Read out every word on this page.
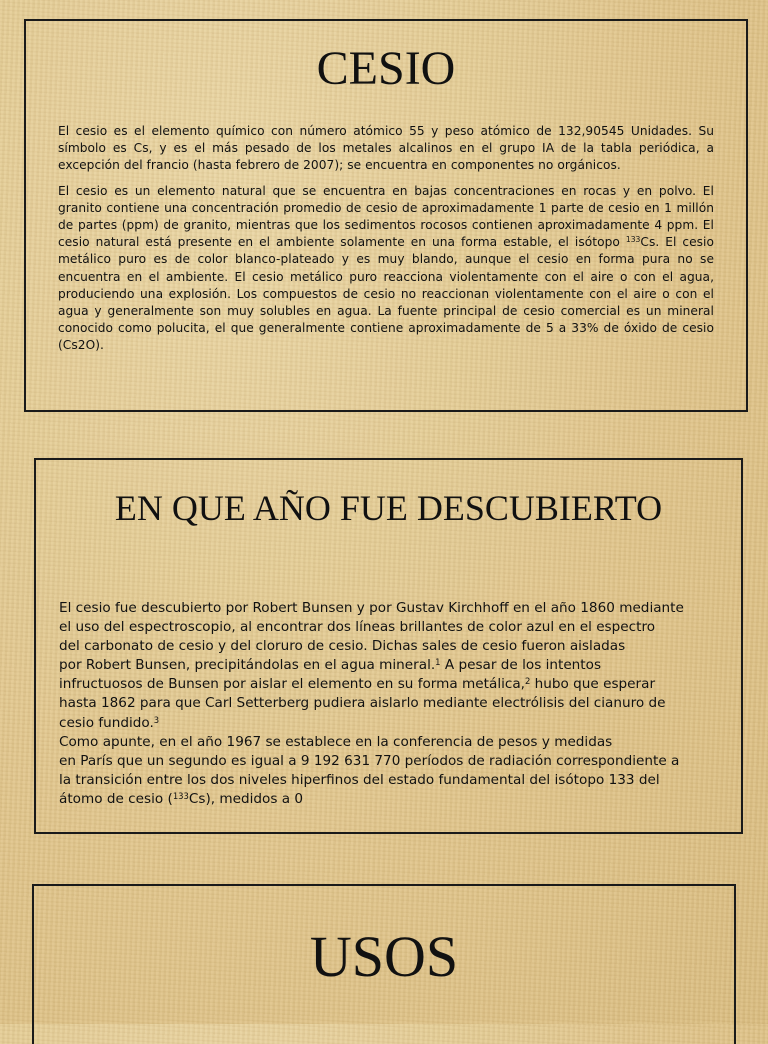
CESIO

El cesio es el elemento químico con número atómico 55 y peso atómico de 132,90545 Unidades. Su símbolo es Cs, y es el más pesado de los metales alcalinos en el grupo IA de la tabla periódica, a excepción del francio (hasta febrero de 2007); se encuentra en componentes no orgánicos.

El cesio es un elemento natural que se encuentra en bajas concentraciones en rocas y en polvo. El granito contiene una concentración promedio de cesio de aproximadamente 1 parte de cesio en 1 millón de partes (ppm) de granito, mientras que los sedimentos rocosos contienen aproximadamente 4 ppm. El cesio natural está presente en el ambiente solamente en una forma estable, el isótopo $^{133}$Cs. El cesio metálico puro es de color blanco-plateado y es muy blando, aunque el cesio en forma pura no se encuentra en el ambiente. El cesio metálico puro reacciona violentamente con el aire o con el agua, produciendo una explosión. Los compuestos de cesio no reaccionan violentamente con el aire o con el agua y generalmente son muy solubles en agua. La fuente principal de cesio comercial es un mineral conocido como polucita, el que generalmente contiene aproximadamente de 5 a 33% de óxido de cesio (Cs2O).

EN QUE AÑO FUE DESCUBIERTO

El cesio fue descubierto por Robert Bunsen y por Gustav Kirchhoff en el año 1860 mediante
el uso del espectroscopio, al encontrar dos líneas brillantes de color azul en el espectro
del carbonato de cesio y del cloruro de cesio. Dichas sales de cesio fueron aisladas
por Robert Bunsen, precipitándolas en el agua mineral.$^1$ A pesar de los intentos
infructuosos de Bunsen por aislar el elemento en su forma metálica,$^2$ hubo que esperar
hasta 1862 para que Carl Setterberg pudiera aislarlo mediante electrólisis del cianuro de
cesio fundido.$^3$
Como apunte, en el año 1967 se establece en la conferencia de pesos y medidas
en París que un segundo es igual a 9 192 631 770 períodos de radiación correspondiente a
la transición entre los dos niveles hiperfinos del estado fundamental del isótopo 133 del
átomo de cesio ($^{133}$Cs), medidos a 0

USOS
